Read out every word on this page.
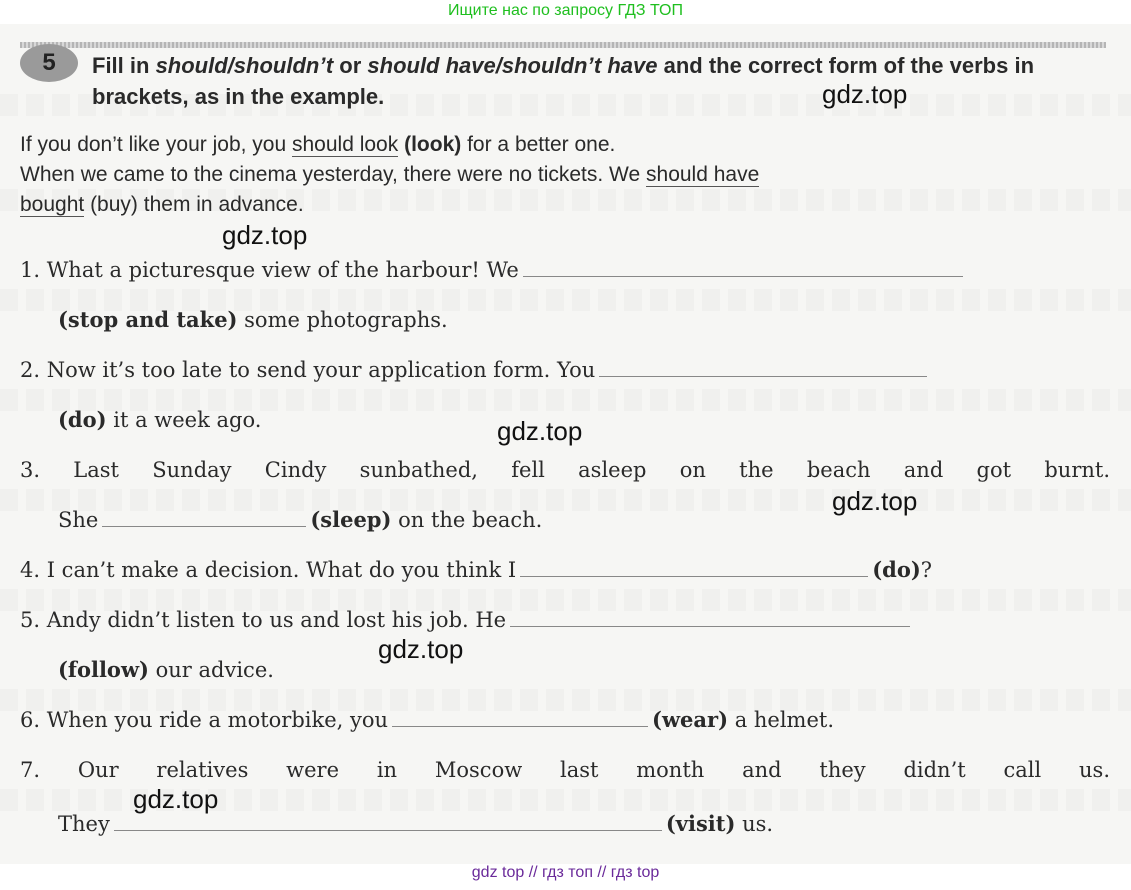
Ищите нас по запросу ГДЗ ТОП
5 Fill in should/shouldn’t or should have/shouldn’t have and the correct form of the verbs in brackets, as in the example.	gdz.top
If you don’t like your job, you should look (look) for a better one.
When we came to the cinema yesterday, there were no tickets. We should have
bought (buy) them in advance.
gdz.top
1. What a picturesque view of the harbour! We
(stop and take) some photographs.
2. Now it’s too late to send your application form. You
(do) it a week ago.	gdz.top
3. Last Sunday Cindy sunbathed, fell asleep on the beach and got burnt.
She	(sleep) on the beach.
gdz.top
4. I can’t make a decision. What do you think I	(do)?
5. Andy didn’t listen to us and lost his job. He
gdz.top
(follow) our advice.
6. When you ride a motorbike, you	(wear) a helmet.
7. Our relatives were in Moscow last month and they didn’t call us.
gdz.top
They	(visit) us.
gdz top // гдз топ // гдз top
